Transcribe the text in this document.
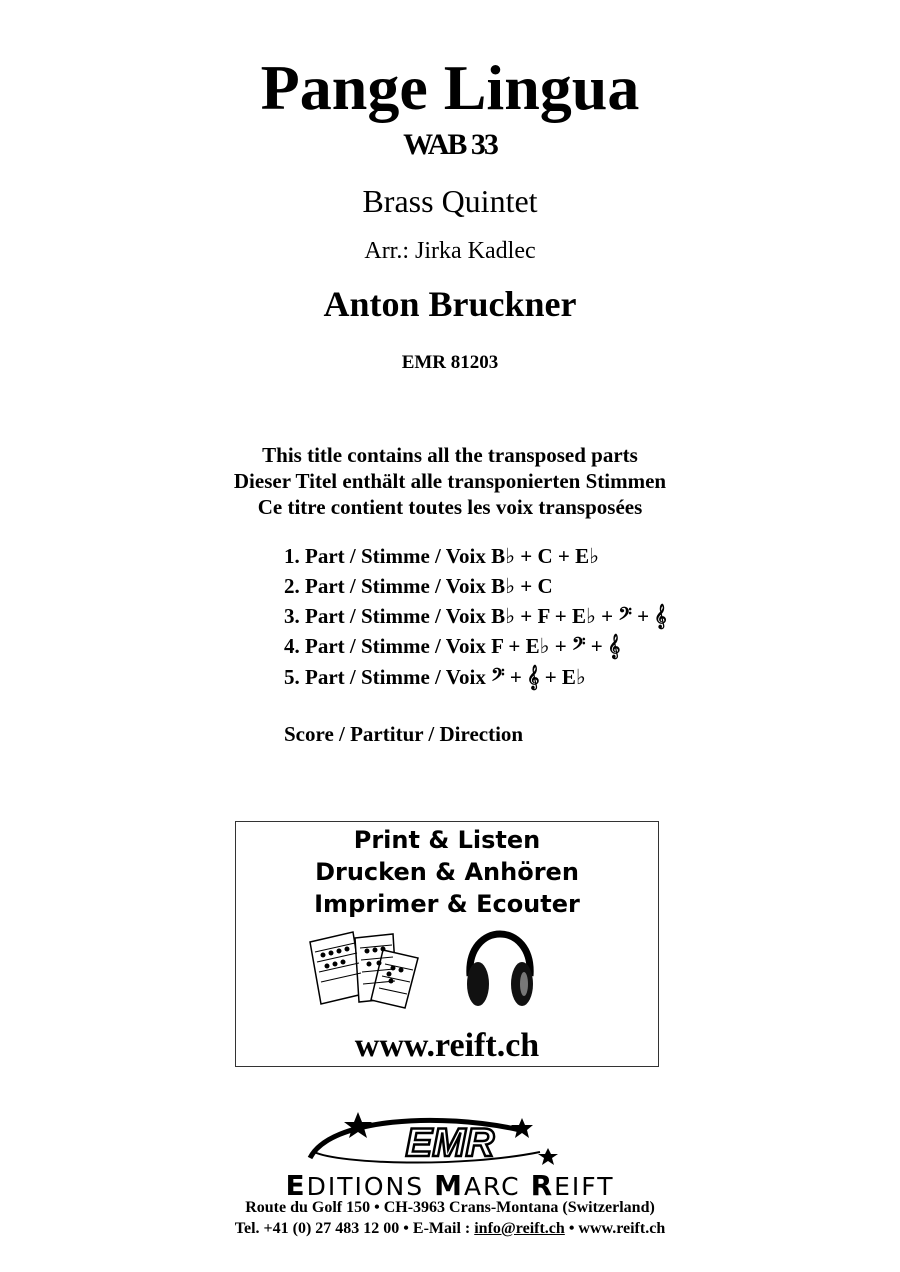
Pange Lingua
WAB 33
Brass Quintet
Arr.: Jirka Kadlec
Anton Bruckner
EMR 81203
This title contains all the transposed parts
Dieser Titel enthält alle transponierten Stimmen
Ce titre contient toutes les voix transposées
1. Part / Stimme / Voix B♭ + C + E♭
2. Part / Stimme / Voix B♭ + C
3. Part / Stimme / Voix B♭ + F + E♭ + 𝄢 + 𝄞
4. Part / Stimme / Voix F + E♭ + 𝄢 + 𝄞
5. Part / Stimme / Voix 𝄢 + 𝄞 + E♭
Score / Partitur / Direction
Print & Listen
Drucken & Anhören
Imprimer & Ecouter
www.reift.ch
EMR
EDITIONS MARC REIFT
Route du Golf 150 • CH-3963 Crans-Montana (Switzerland)
Tel. +41 (0) 27 483 12 00 • E-Mail : info@reift.ch • www.reift.ch
